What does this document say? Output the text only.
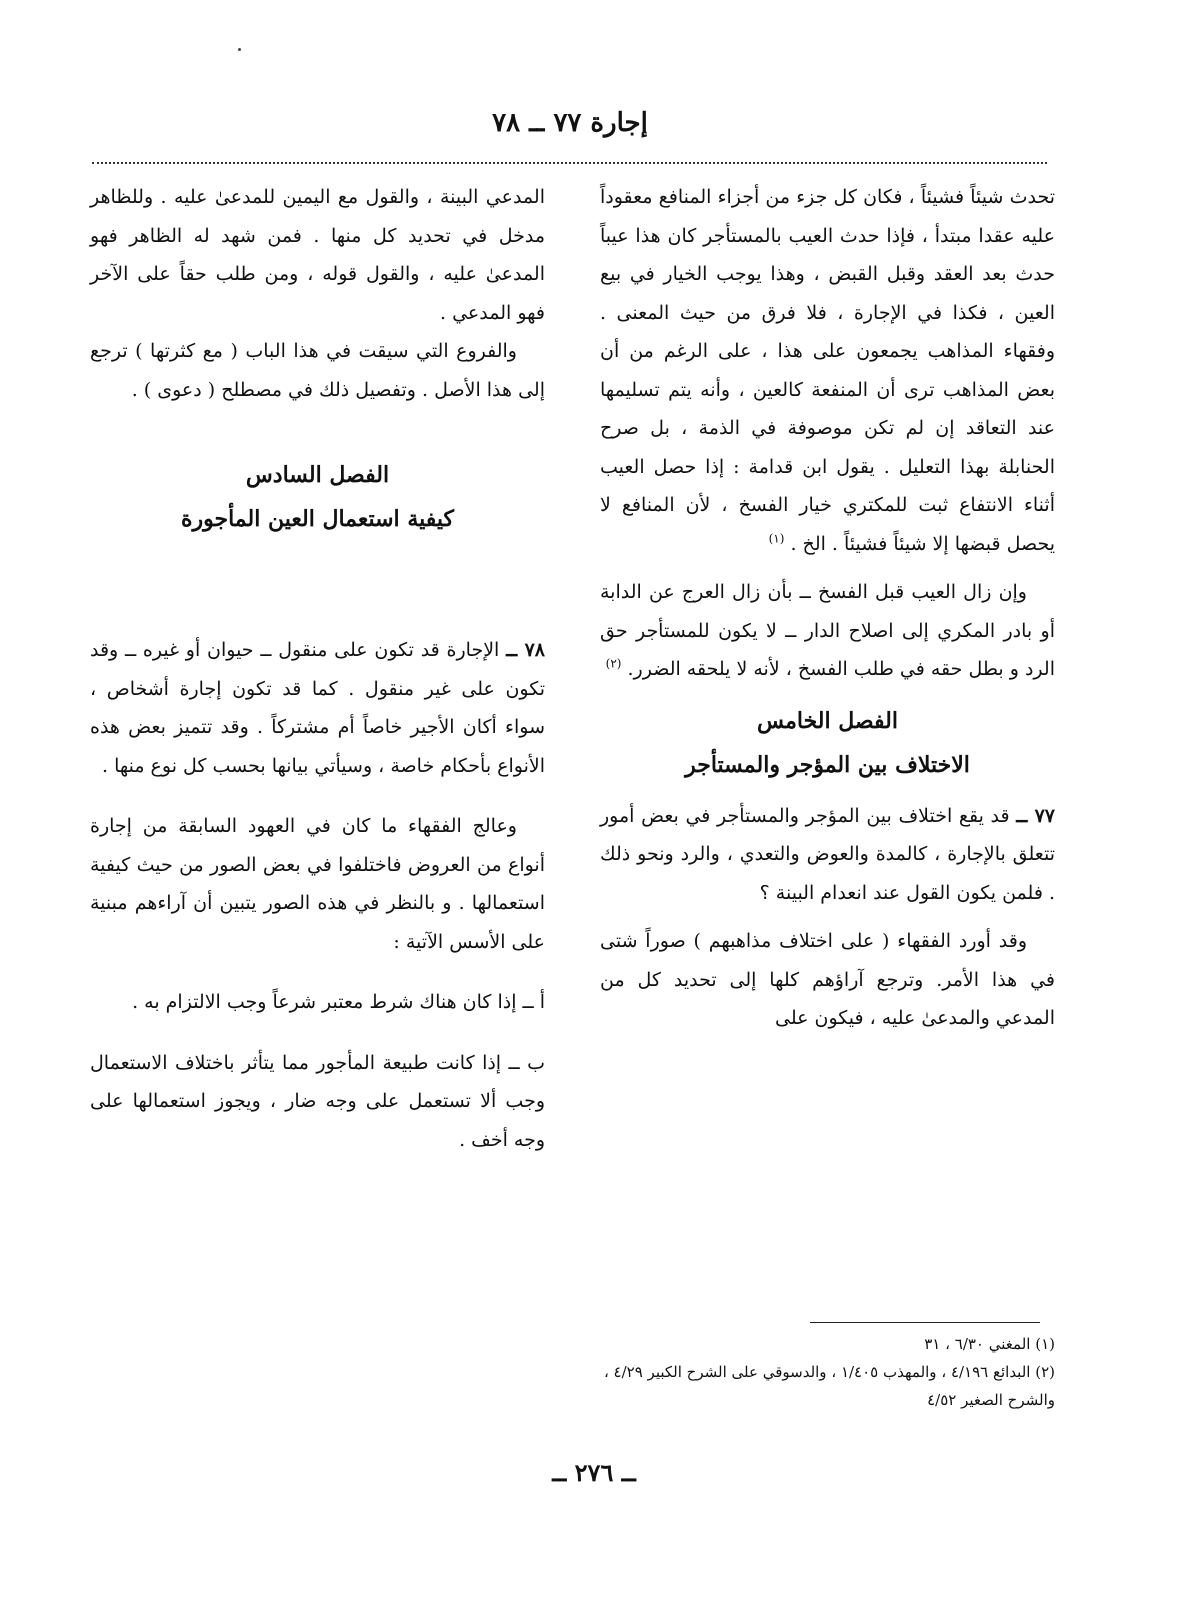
إجارة ٧٧ ــ ٧٨

تحدث شيئاً فشيئاً ، فكان كل جزء من أجزاء المنافع معقوداً عليه عقدا مبتدأ ، فإذا حدث العيب بالمستأجر كان هذا عيباً حدث بعد العقد وقبل القبض ، وهذا يوجب الخيار في بيع العين ، فكذا في الإجارة ، فلا فرق من حيث المعنى . وفقهاء المذاهب يجمعون على هذا ، على الرغم من أن بعض المذاهب ترى أن المنفعة كالعين ، وأنه يتم تسليمها عند التعاقد إن لم تكن موصوفة في الذمة ، بل صرح الحنابلة بهذا التعليل . يقول ابن قدامة : إذا حصل العيب أثناء الانتفاع ثبت للمكتري خيار الفسخ ، لأن المنافع لا يحصل قبضها إلا شيئاً فشيئاً . الخ . $^{(١)}$

وإن زال العيب قبل الفسخ ــ بأن زال العرج عن الدابة أو بادر المكري إلى اصلاح الدار ــ لا يكون للمستأجر حق الرد و بطل حقه في طلب الفسخ ، لأنه لا يلحقه الضرر. $^{(٢)}$

الفصل الخامس

الاختلاف بين المؤجر والمستأجر

٧٧ ــ قد يقع اختلاف بين المؤجر والمستأجر في بعض أمور تتعلق بالإجارة ، كالمدة والعوض والتعدي ، والرد ونحو ذلك . فلمن يكون القول عند انعدام البينة ؟

وقد أورد الفقهاء ( على اختلاف مذاهبهم ) صوراً شتى في هذا الأمر. وترجع آراؤهم كلها إلى تحديد كل من المدعي والمدعىٰ عليه ، فيكون على

المدعي البينة ، والقول مع اليمين للمدعىٰ عليه . وللظاهر مدخل في تحديد كل منها . فمن شهد له الظاهر فهو المدعىٰ عليه ، والقول قوله ، ومن طلب حقاً على الآخر فهو المدعي .

والفروع التي سيقت في هذا الباب ( مع كثرتها ) ترجع إلى هذا الأصل . وتفصيل ذلك في مصطلح ( دعوى ) .

الفصل السادس

كيفية استعمال العين المأجورة

٧٨ ــ الإجارة قد تكون على منقول ــ حيوان أو غيره ــ وقد تكون على غير منقول . كما قد تكون إجارة أشخاص ، سواء أكان الأجير خاصاً أم مشتركاً . وقد تتميز بعض هذه الأنواع بأحكام خاصة ، وسيأتي بيانها بحسب كل نوع منها .

وعالج الفقهاء ما كان في العهود السابقة من إجارة أنواع من العروض فاختلفوا في بعض الصور من حيث كيفية استعمالها . و بالنظر في هذه الصور يتبين أن آراءهم مبنية على الأسس الآتية :

أ ــ إذا كان هناك شرط معتبر شرعاً وجب الالتزام به .

ب ــ إذا كانت طبيعة المأجور مما يتأثر باختلاف الاستعمال وجب ألا تستعمل على وجه ضار ، ويجوز استعمالها على وجه أخف .

(١) المغني ٦/٣٠ ، ٣١

(٢) البدائع ٤/١٩٦ ، والمهذب ١/٤٠٥ ، والدسوقي على الشرح الكبير ٤/٢٩ ، والشرح الصغير ٤/٥٢

ــ ٢٧٦ ــ
